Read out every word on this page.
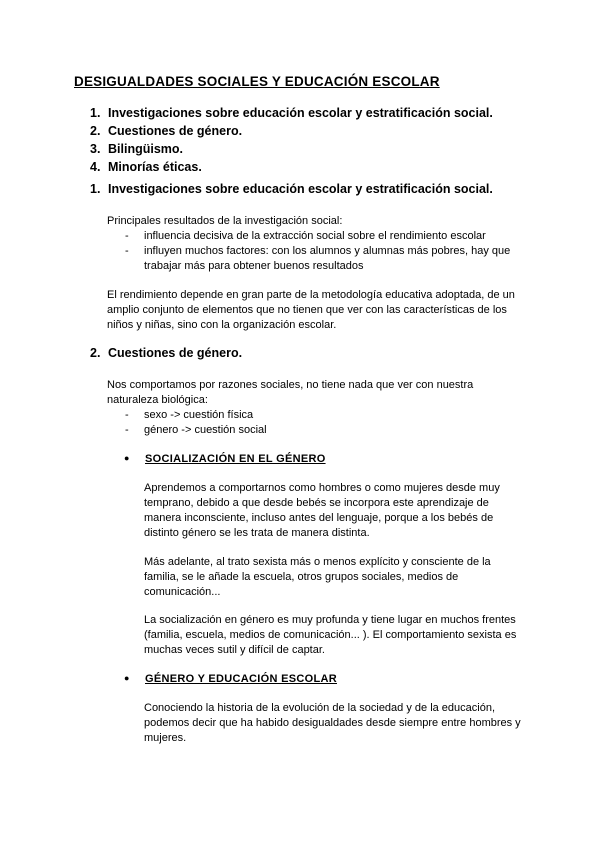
DESIGUALDADES SOCIALES Y EDUCACIÓN ESCOLAR
1. Investigaciones sobre educación escolar y estratificación social.
2. Cuestiones de género.
3. Bilingüismo.
4. Minorías éticas.
1. Investigaciones sobre educación escolar y estratificación social.
Principales resultados de la investigación social:
- influencia decisiva de la extracción social sobre el rendimiento escolar
- influyen muchos factores: con los alumnos y alumnas más pobres, hay que
trabajar más para obtener buenos resultados
El rendimiento depende en gran parte de la metodología educativa adoptada, de un
amplio conjunto de elementos que no tienen que ver con las características de los
niños y niñas, sino con la organización escolar.
2. Cuestiones de género.
Nos comportamos por razones sociales, no tiene nada que ver con nuestra
naturaleza biológica:
- sexo -> cuestión física
- género -> cuestión social
● SOCIALIZACIÓN EN EL GÉNERO
Aprendemos a comportarnos como hombres o como mujeres desde muy
temprano, debido a que desde bebés se incorpora este aprendizaje de
manera inconsciente, incluso antes del lenguaje, porque a los bebés de
distinto género se les trata de manera distinta.
Más adelante, al trato sexista más o menos explícito y consciente de la
familia, se le añade la escuela, otros grupos sociales, medios de
comunicación...
La socialización en género es muy profunda y tiene lugar en muchos frentes
(familia, escuela, medios de comunicación... ). El comportamiento sexista es
muchas veces sutil y difícil de captar.
● GÉNERO Y EDUCACIÓN ESCOLAR
Conociendo la historia de la evolución de la sociedad y de la educación,
podemos decir que ha habido desigualdades desde siempre entre hombres y
mujeres.
